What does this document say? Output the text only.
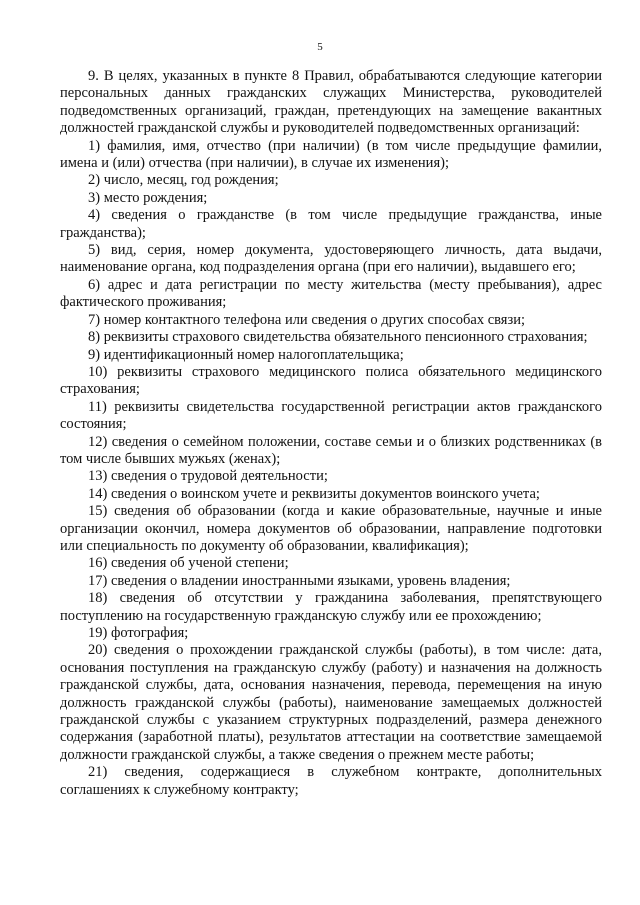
5

9. В целях, указанных в пункте 8 Правил, обрабатываются следующие категории персональных данных гражданских служащих Министерства, руководителей подведомственных организаций, граждан, претендующих на замещение вакантных должностей гражданской службы и руководителей подведомственных организаций:

1) фамилия, имя, отчество (при наличии) (в том числе предыдущие фамилии, имена и (или) отчества (при наличии), в случае их изменения);

2) число, месяц, год рождения;

3) место рождения;

4) сведения о гражданстве (в том числе предыдущие гражданства, иные гражданства);

5) вид, серия, номер документа, удостоверяющего личность, дата выдачи, наименование органа, код подразделения органа (при его наличии), выдавшего его;

6) адрес и дата регистрации по месту жительства (месту пребывания), адрес фактического проживания;

7) номер контактного телефона или сведения о других способах связи;

8) реквизиты страхового свидетельства обязательного пенсионного страхования;

9) идентификационный номер налогоплательщика;

10) реквизиты страхового медицинского полиса обязательного медицинского страхования;

11) реквизиты свидетельства государственной регистрации актов гражданского состояния;

12) сведения о семейном положении, составе семьи и о близких родственниках (в том числе бывших мужьях (женах);

13) сведения о трудовой деятельности;

14) сведения о воинском учете и реквизиты документов воинского учета;

15) сведения об образовании (когда и какие образовательные, научные и иные организации окончил, номера документов об образовании, направление подготовки или специальность по документу об образовании, квалификация);

16) сведения об ученой степени;

17) сведения о владении иностранными языками, уровень владения;

18) сведения об отсутствии у гражданина заболевания, препятствующего поступлению на государственную гражданскую службу или ее прохождению;

19) фотография;

20) сведения о прохождении гражданской службы (работы), в том числе: дата, основания поступления на гражданскую службу (работу) и назначения на должность гражданской службы, дата, основания назначения, перевода, перемещения на иную должность гражданской службы (работы), наименование замещаемых должностей гражданской службы с указанием структурных подразделений, размера денежного содержания (заработной платы), результатов аттестации на соответствие замещаемой должности гражданской службы, а также сведения о прежнем месте работы;

21) сведения, содержащиеся в служебном контракте, дополнительных соглашениях к служебному контракту;
